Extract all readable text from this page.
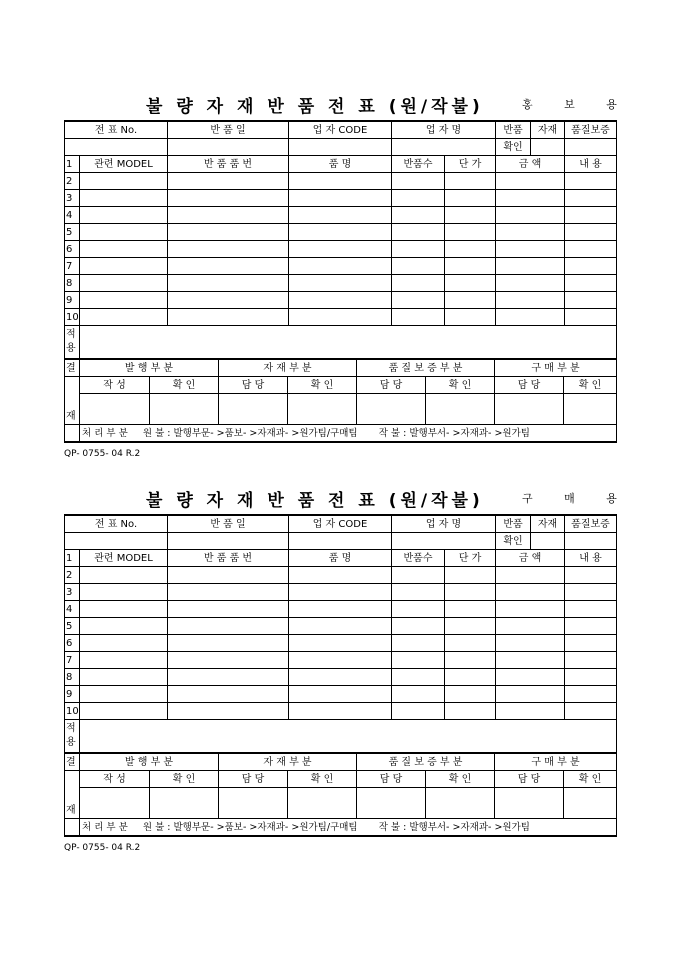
불 량 자 재 반 품 전 표 (원/작불)	홍 보 용
전 표 No.		반 품 일	업 자 CODE	업 자 명		반품	자재	품질보증
						확인		
1	관련 MODEL	반 품 품 번	품 명	반품수	단 가	금 액		내 용
2								
3								
4								
5								
6								
7								
8								
9								
10								
적
용								
결	발 행 부 분		자 재 부 분		품 질 보 증 부 분		구 매 부 분	
재	작 성	확 인	담 당	확 인	담 당	확 인	담 당	확 인

	처 리 부 분 원 불 : 발행부문- >품보- >자재과- >원가팀/구매팀 작 불 : 발행부서- >자재과- >원가팀							
QP- 0755- 04 R.2
불 량 자 재 반 품 전 표 (원/작불)	구 매 용
전 표 No.		반 품 일	업 자 CODE	업 자 명		반품	자재	품질보증
						확인		
1	관련 MODEL	반 품 품 번	품 명	반품수	단 가	금 액		내 용
2								
3								
4								
5								
6								
7								
8								
9								
10								
적
용								
결	발 행 부 분		자 재 부 분		품 질 보 증 부 분		구 매 부 분	
재	작 성	확 인	담 당	확 인	담 당	확 인	담 당	확 인

	처 리 부 분 원 불 : 발행부문- >품보- >자재과- >원가팀/구매팀 작 불 : 발행부서- >자재과- >원가팀							
QP- 0755- 04 R.2
